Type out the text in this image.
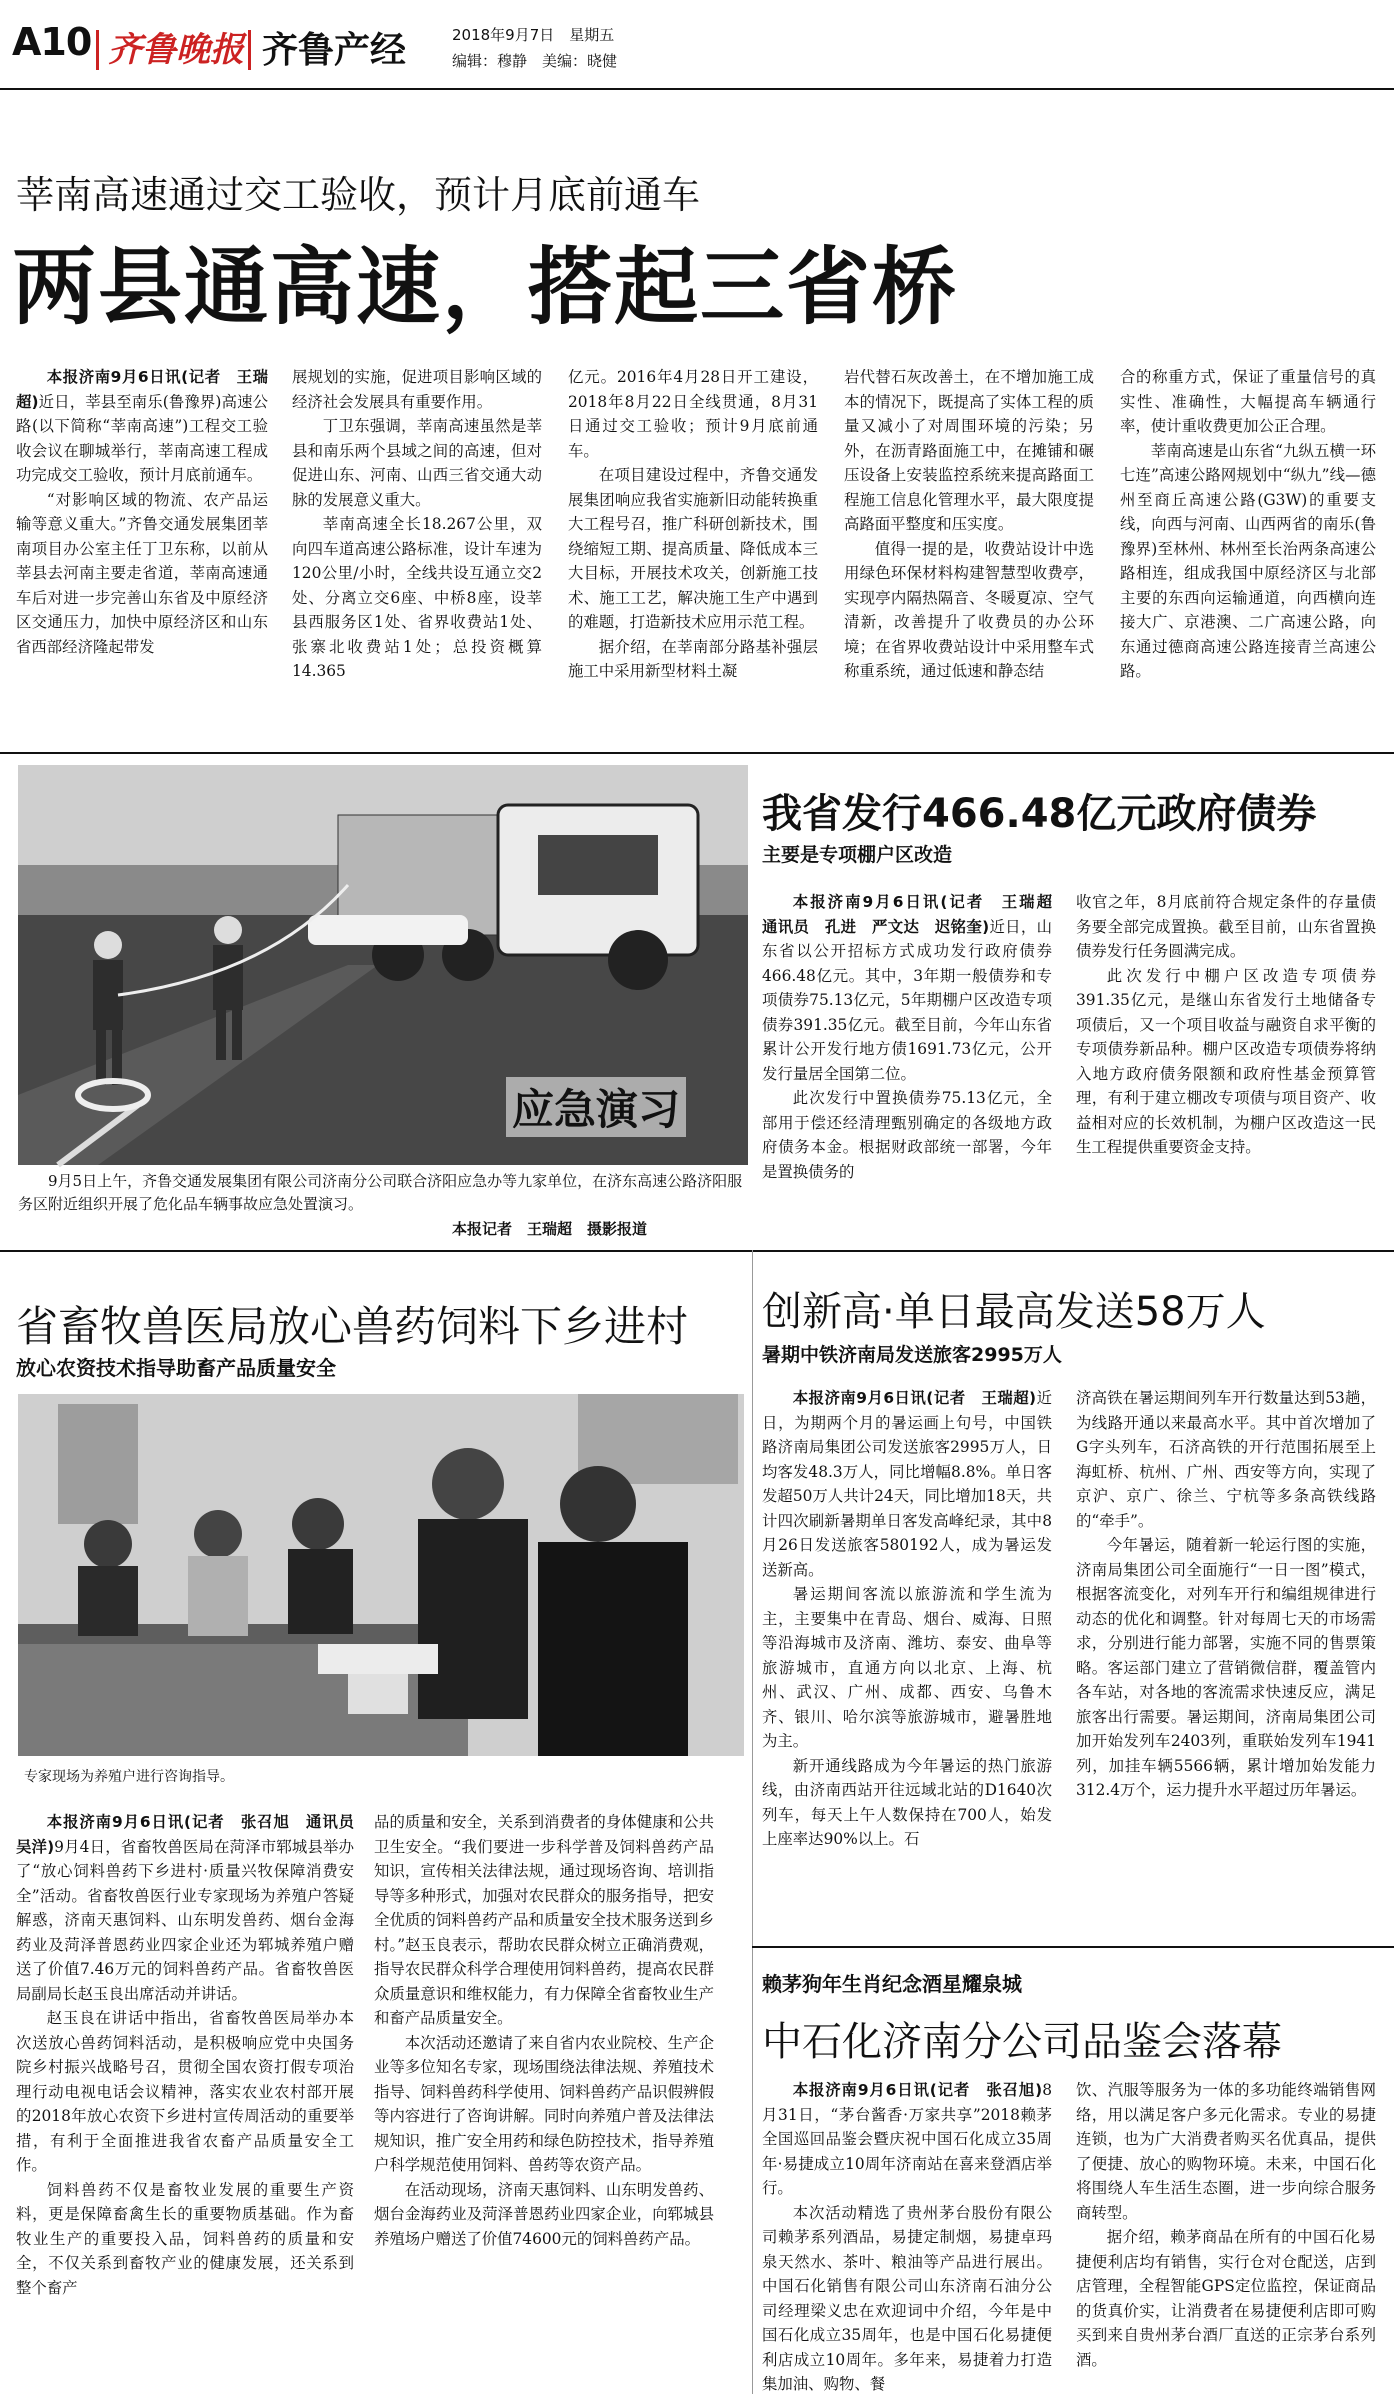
A10 齐鲁晚报 齐鲁产经	2018年9月7日  星期五
编辑：穆静　美编：晓健
莘南高速通过交工验收，预计月底前通车
两县通高速，搭起三省桥

本报济南9月6日讯(记者　王瑞超)近日，莘县至南乐(鲁豫界)高速公路(以下简称“莘南高速”)工程交工验收会议在聊城举行，莘南高速工程成功完成交工验收，预计月底前通车。

“对影响区域的物流、农产品运输等意义重大。”齐鲁交通发展集团莘南项目办公室主任丁卫东称，以前从莘县去河南主要走省道，莘南高速通车后对进一步完善山东省及中原经济区交通压力，加快中原经济区和山东省西部经济隆起带发

展规划的实施，促进项目影响区域的经济社会发展具有重要作用。

丁卫东强调，莘南高速虽然是莘县和南乐两个县域之间的高速，但对促进山东、河南、山西三省交通大动脉的发展意义重大。

莘南高速全长18.267公里，双向四车道高速公路标准，设计车速为120公里/小时，全线共设互通立交2处、分离立交6座、中桥8座，设莘县西服务区1处、省界收费站1处、张寨北收费站1处；总投资概算14.365

亿元。2016年4月28日开工建设，2018年8月22日全线贯通，8月31日通过交工验收；预计9月底前通车。

在项目建设过程中，齐鲁交通发展集团响应我省实施新旧动能转换重大工程号召，推广科研创新技术，围绕缩短工期、提高质量、降低成本三大目标，开展技术攻关，创新施工技术、施工工艺，解决施工生产中遇到的难题，打造新技术应用示范工程。

据介绍，在莘南部分路基补强层施工中采用新型材料土凝

岩代替石灰改善土，在不增加施工成本的情况下，既提高了实体工程的质量又减小了对周围环境的污染；另外，在沥青路面施工中，在摊铺和碾压设备上安装监控系统来提高路面工程施工信息化管理水平，最大限度提高路面平整度和压实度。

值得一提的是，收费站设计中选用绿色环保材料构建智慧型收费亭，实现亭内隔热隔音、冬暖夏凉、空气清新，改善提升了收费员的办公环境；在省界收费站设计中采用整车式称重系统，通过低速和静态结

合的称重方式，保证了重量信号的真实性、准确性，大幅提高车辆通行率，使计重收费更加公正合理。

莘南高速是山东省“九纵五横一环七连”高速公路网规划中“纵九”线—德州至商丘高速公路(G3W)的重要支线，向西与河南、山西两省的南乐(鲁豫界)至林州、林州至长治两条高速公路相连，组成我国中原经济区与北部主要的东西向运输通道，向西横向连接大广、京港澳、二广高速公路，向东通过德商高速公路连接青兰高速公路。

应急演习
9月5日上午，齐鲁交通发展集团有限公司济南分公司联合济阳应急办等九家单位，在济东高速公路济阳服务区附近组织开展了危化品车辆事故应急处置演习。
本报记者　王瑞超　摄影报道
我省发行466.48亿元政府债券
主要是专项棚户区改造

本报济南9月6日讯(记者　王瑞超　通讯员　孔进　严文达　迟铭奎)近日，山东省以公开招标方式成功发行政府债券466.48亿元。其中，3年期一般债券和专项债券75.13亿元，5年期棚户区改造专项债券391.35亿元。截至目前，今年山东省累计公开发行地方债1691.73亿元，公开发行量居全国第二位。

此次发行中置换债券75.13亿元，全部用于偿还经清理甄别确定的各级地方政府债务本金。根据财政部统一部署，今年是置换债务的

收官之年，8月底前符合规定条件的存量债务要全部完成置换。截至目前，山东省置换债券发行任务圆满完成。

此次发行中棚户区改造专项债券391.35亿元，是继山东省发行土地储备专项债后，又一个项目收益与融资自求平衡的专项债券新品种。棚户区改造专项债券将纳入地方政府债务限额和政府性基金预算管理，有利于建立棚改专项债与项目资产、收益相对应的长效机制，为棚户区改造这一民生工程提供重要资金支持。

省畜牧兽医局放心兽药饲料下乡进村
放心农资技术指导助畜产品质量安全
专家现场为养殖户进行咨询指导。

本报济南9月6日讯(记者　张召旭　通讯员　吴洋)9月4日，省畜牧兽医局在菏泽市郓城县举办了“放心饲料兽药下乡进村·质量兴牧保障消费安全”活动。省畜牧兽医行业专家现场为养殖户答疑解惑，济南天惠饲料、山东明发兽药、烟台金海药业及菏泽普恩药业四家企业还为郓城养殖户赠送了价值7.46万元的饲料兽药产品。省畜牧兽医局副局长赵玉良出席活动并讲话。

赵玉良在讲话中指出，省畜牧兽医局举办本次送放心兽药饲料活动，是积极响应党中央国务院乡村振兴战略号召，贯彻全国农资打假专项治理行动电视电话会议精神，落实农业农村部开展的2018年放心农资下乡进村宣传周活动的重要举措，有利于全面推进我省农畜产品质量安全工作。

饲料兽药不仅是畜牧业发展的重要生产资料，更是保障畜禽生长的重要物质基础。作为畜牧业生产的重要投入品，饲料兽药的质量和安全，不仅关系到畜牧产业的健康发展，还关系到整个畜产

品的质量和安全，关系到消费者的身体健康和公共卫生安全。“我们要进一步科学普及饲料兽药产品知识，宣传相关法律法规，通过现场咨询、培训指导等多种形式，加强对农民群众的服务指导，把安全优质的饲料兽药产品和质量安全技术服务送到乡村。”赵玉良表示，帮助农民群众树立正确消费观，指导农民群众科学合理使用饲料兽药，提高农民群众质量意识和维权能力，有力保障全省畜牧业生产和畜产品质量安全。

本次活动还邀请了来自省内农业院校、生产企业等多位知名专家，现场围绕法律法规、养殖技术指导、饲料兽药科学使用、饲料兽药产品识假辨假等内容进行了咨询讲解。同时向养殖户普及法律法规知识，推广安全用药和绿色防控技术，指导养殖户科学规范使用饲料、兽药等农资产品。

在活动现场，济南天惠饲料、山东明发兽药、烟台金海药业及菏泽普恩药业四家企业，向郓城县养殖场户赠送了价值74600元的饲料兽药产品。

创新高·单日最高发送58万人
暑期中铁济南局发送旅客2995万人

本报济南9月6日讯(记者　王瑞超)近日，为期两个月的暑运画上句号，中国铁路济南局集团公司发送旅客2995万人，日均客发48.3万人，同比增幅8.8%。单日客发超50万人共计24天，同比增加18天，共计四次刷新暑期单日客发高峰纪录，其中8月26日发送旅客580192人，成为暑运发送新高。

暑运期间客流以旅游流和学生流为主，主要集中在青岛、烟台、威海、日照等沿海城市及济南、潍坊、泰安、曲阜等旅游城市，直通方向以北京、上海、杭州、武汉、广州、成都、西安、乌鲁木齐、银川、哈尔滨等旅游城市，避暑胜地为主。

新开通线路成为今年暑运的热门旅游线，由济南西站开往远域北站的D1640次列车，每天上午人数保持在700人，始发上座率达90%以上。石

济高铁在暑运期间列车开行数量达到53趟，为线路开通以来最高水平。其中首次增加了G字头列车，石济高铁的开行范围拓展至上海虹桥、杭州、广州、西安等方向，实现了京沪、京广、徐兰、宁杭等多条高铁线路的“牵手”。

今年暑运，随着新一轮运行图的实施，济南局集团公司全面施行“一日一图”模式，根据客流变化，对列车开行和编组规律进行动态的优化和调整。针对每周七天的市场需求，分别进行能力部署，实施不同的售票策略。客运部门建立了营销微信群，覆盖管内各车站，对各地的客流需求快速反应，满足旅客出行需要。暑运期间，济南局集团公司加开始发列车2403列，重联始发列车1941列，加挂车辆5566辆，累计增加始发能力312.4万个，运力提升水平超过历年暑运。

赖茅狗年生肖纪念酒星耀泉城
中石化济南分公司品鉴会落幕

本报济南9月6日讯(记者　张召旭)8月31日，“茅台酱香·万家共享”2018赖茅全国巡回品鉴会暨庆祝中国石化成立35周年·易捷成立10周年济南站在喜来登酒店举行。

本次活动精选了贵州茅台股份有限公司赖茅系列酒品，易捷定制烟，易捷卓玛泉天然水、茶叶、粮油等产品进行展出。中国石化销售有限公司山东济南石油分公司经理梁义忠在欢迎词中介绍，今年是中国石化成立35周年，也是中国石化易捷便利店成立10周年。多年来，易捷着力打造集加油、购物、餐

饮、汽服等服务为一体的多功能终端销售网络，用以满足客户多元化需求。专业的易捷连锁，也为广大消费者购买名优真品，提供了便捷、放心的购物环境。未来，中国石化将围绕人车生活生态圈，进一步向综合服务商转型。

据介绍，赖茅商品在所有的中国石化易捷便利店均有销售，实行仓对仓配送，店到店管理，全程智能GPS定位监控，保证商品的货真价实，让消费者在易捷便利店即可购买到来自贵州茅台酒厂直送的正宗茅台系列酒。
